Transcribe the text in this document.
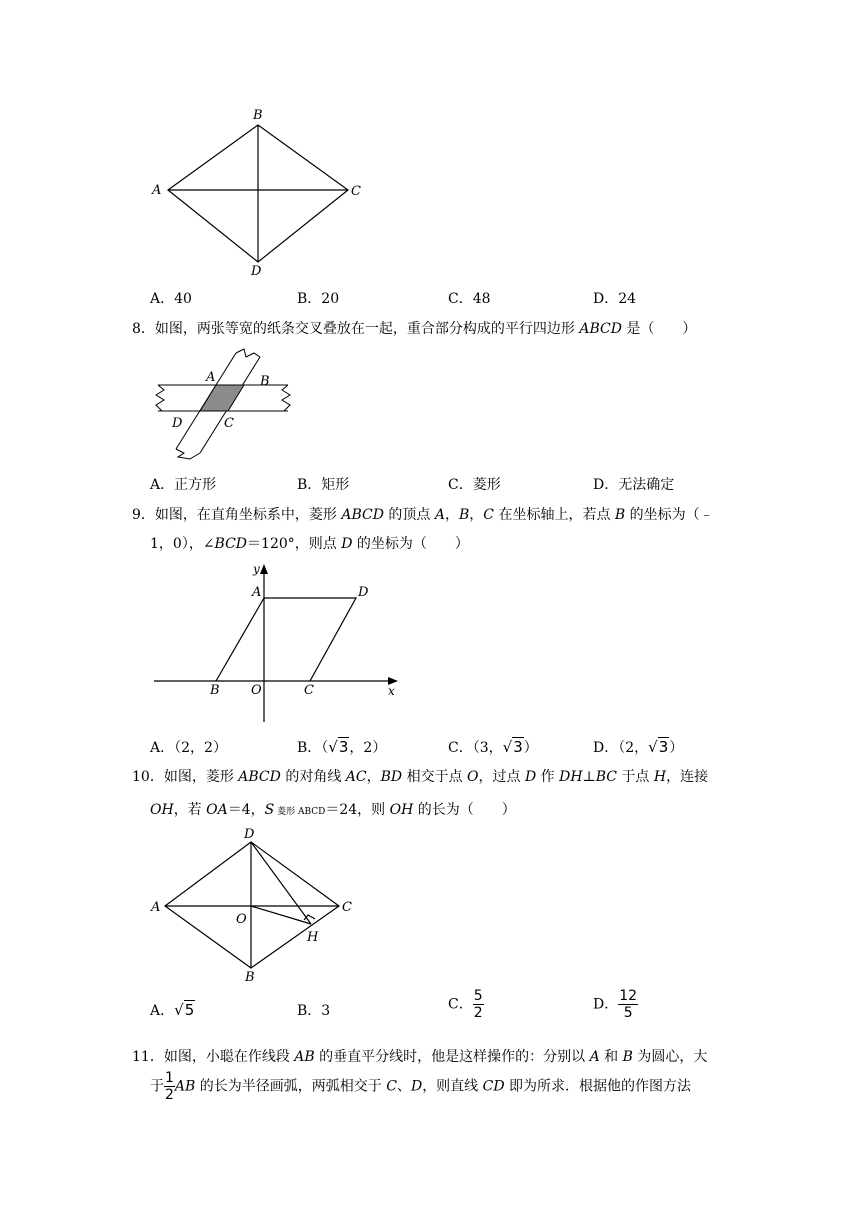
B
A	C
D
A．40	B．20	C．48	D．24
8．如图，两张等宽的纸条交叉叠放在一起，重合部分构成的平行四边形 ABCD 是（　　）
A	B
D	C
A．正方形	B．矩形	C．菱形	D．无法确定
9．如图，在直角坐标系中，菱形 ABCD 的顶点 A，B，C 在坐标轴上，若点 B 的坐标为（﹣
1，0），∠BCD＝120°，则点 D 的坐标为（　　）
y
x
A	D
B O	C
A．（2，2）	B．（√3，2）	C．（3，√3）	D．（2，√3）
10．如图，菱形 ABCD 的对角线 AC，BD 相交于点 O，过点 D 作 DH⊥BC 于点 H，连接
OH，若 OA＝4，S 菱形 ABCD＝24，则 OH 的长为（　　）
D
A
O
C
H
B
A．√5	B．3	C． $\frac{5}{2}$	D． $\frac{12}{5}$
11．如图，小聪在作线段 AB 的垂直平分线时，他是这样操作的：分别以 A 和 B 为圆心，大
于 $\frac{1}{2}$ AB 的长为半径画弧，两弧相交于 C、D，则直线 CD 即为所求．根据他的作图方法
